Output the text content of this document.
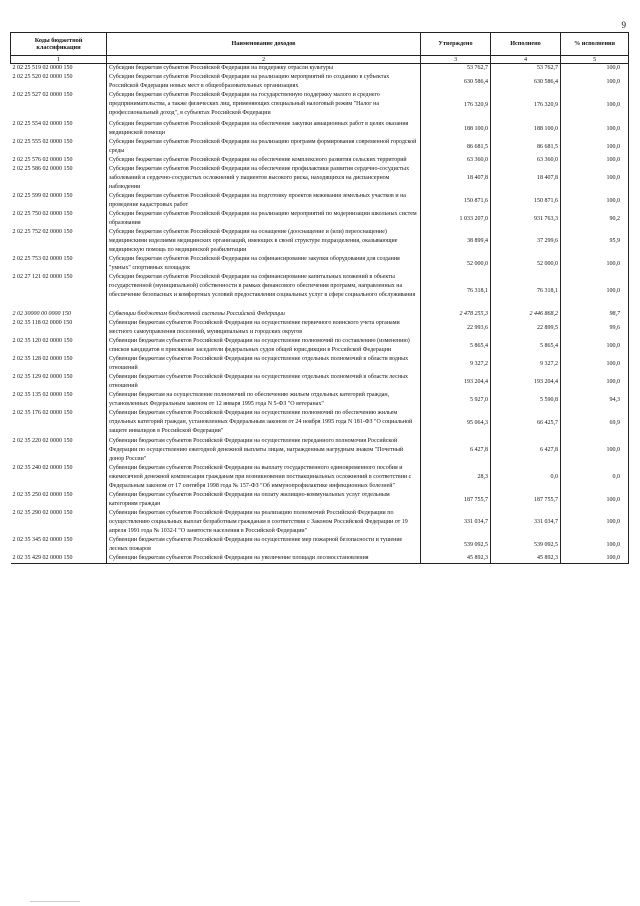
9
Коды бюджетной классификации	Наименование доходов	Утверждено	Исполнено	% исполнения
1	2	3	4	5
2 02 25 519 02 0000 150	Субсидии бюджетам субъектов Российской Федерации на поддержку отрасли культуры	53 762,7	53 762,7	100,0
2 02 25 520 02 0000 150	Субсидии бюджетам субъектов Российской Федерации на реализацию мероприятий по созданию в субъектах Российской Федерации новых мест в общеобразовательных организациях	630 586,4	630 586,4	100,0
2 02 25 527 02 0000 150	Субсидии бюджетам субъектов Российской Федерации на государственную поддержку малого и среднего предпринимательства, а также физических лиц, применяющих специальный налоговый режим "Налог на профессиональный доход", в субъектах Российской Федерации	176 320,9	176 320,9	100,0
2 02 25 554 02 0000 150	Субсидии бюджетам субъектов Российской Федерации на обеспечение закупки авиационных работ в целях оказания медицинской помощи	188 100,0	188 100,0	100,0
2 02 25 555 02 0000 150	Субсидии бюджетам субъектов Российской Федерации на реализацию программ формирования современной городской среды	86 681,5	86 681,5	100,0
2 02 25 576 02 0000 150	Субсидии бюджетам субъектов Российской Федерации на обеспечение комплексного развития сельских территорий	63 360,0	63 360,0	100,0
2 02 25 586 02 0000 150	Субсидии бюджетам субъектов Российской Федерации на обеспечение профилактики развития сердечно-сосудистых заболеваний и сердечно-сосудистых осложнений у пациентов высокого риска, находящихся на диспансерном наблюдении	18 407,8	18 407,8	100,0
2 02 25 599 02 0000 150	Субсидии бюджетам субъектов Российской Федерации на подготовку проектов межевания земельных участков и на проведение кадастровых работ	150 871,6	150 871,6	100,0
2 02 25 750 02 0000 150	Субсидии бюджетам субъектов Российской Федерации на реализацию мероприятий по модернизации школьных систем образования	1 033 207,0	931 763,3	90,2
2 02 25 752 02 0000 150	Субсидии бюджетам субъектов Российской Федерации на оснащение (дооснащение и (или) переоснащение) медицинскими изделиями медицинских организаций, имеющих в своей структуре подразделения, оказывающие медицинскую помощь по медицинской реабилитации	38 899,4	37 299,6	95,9
2 02 25 753 02 0000 150	Субсидии бюджетам субъектов Российской Федерации на софинансирование закупки оборудования для создания "умных" спортивных площадок	52 000,0	52 000,0	100,0
2 02 27 121 02 0000 150	Субсидии бюджетам субъектов Российской Федерации на софинансирование капитальных вложений в объекты государственной (муниципальной) собственности в рамках финансового обеспечения программ, направленных на обеспечение безопасных и комфортных условий предоставления социальных услуг в сфере социального обслуживания	76 318,1	76 318,1	100,0
2 02 30000 00 0000 150	Субвенции бюджетам бюджетной системы Российской Федерации	2 478 255,3	2 446 868,2	98,7
2 02 35 118 02 0000 150	Субвенции бюджетам субъектов Российской Федерации на осуществление первичного воинского учета органами местного самоуправления поселений, муниципальных и городских округов	22 993,6	22 899,5	99,6
2 02 35 120 02 0000 150	Субвенции бюджетам субъектов Российской Федерации на осуществление полномочий по составлению (изменению) списков кандидатов в присяжные заседатели федеральных судов общей юрисдикции в Российской Федерации	5 865,4	5 865,4	100,0
2 02 35 128 02 0000 150	Субвенции бюджетам субъектов Российской Федерации на осуществление отдельных полномочий в области водных отношений	9 327,2	9 327,2	100,0
2 02 35 129 02 0000 150	Субвенции бюджетам субъектов Российской Федерации на осуществление отдельных полномочий в области лесных отношений	193 204,4	193 204,4	100,0
2 02 35 135 02 0000 150	Субвенции бюджетам на осуществление полномочий по обеспечению жильем отдельных категорий граждан, установленных Федеральным законом от 12 января 1995 года N 5-ФЗ "О ветеранах"	5 927,0	5 590,8	94,3
2 02 35 176 02 0000 150	Субвенции бюджетам субъектов Российской Федерации на осуществление полномочий по обеспечению жильем отдельных категорий граждан, установленных Федеральным законом от 24 ноября 1995 года N 181-ФЗ "О социальной защите инвалидов в Российской Федерации"	95 064,3	66 425,7	69,9
2 02 35 220 02 0000 150	Субвенции бюджетам субъектов Российской Федерации на осуществление переданного полномочия Российской Федерации по осуществлению ежегодной денежной выплаты лицам, награжденным нагрудным знаком "Почетный донор России"	6 427,8	6 427,8	100,0
2 02 35 240 02 0000 150	Субвенции бюджетам субъектов Российской Федерации на выплату государственного единовременного пособия и ежемесячной денежной компенсации гражданам при возникновении поствакцинальных осложнений в соответствии с Федеральным законом от 17 сентября 1998 года № 157-ФЗ "Об иммунопрофилактике инфекционных болезней"	28,3	0,0	0,0
2 02 35 250 02 0000 150	Субвенции бюджетам субъектов Российской Федерации на оплату жилищно-коммунальных услуг отдельным категориям граждан	187 755,7	187 755,7	100,0
2 02 35 290 02 0000 150	Субвенции бюджетам субъектов Российской Федерации на реализацию полномочий Российской Федерации по осуществлению социальных выплат безработным гражданам в соответствии с Законом Российской Федерации от 19 апреля 1991 года № 1032-I "О занятости населения в Российской Федерации"	331 034,7	331 034,7	100,0
2 02 35 345 02 0000 150	Субвенции бюджетам субъектов Российской Федерации на осуществление мер пожарной безопасности и тушение лесных пожаров	539 092,5	539 092,5	100,0
2 02 35 429 02 0000 150	Субвенции бюджетам субъектов Российской Федерации на увеличение площади лесовосстановления	45 892,3	45 892,3	100,0
